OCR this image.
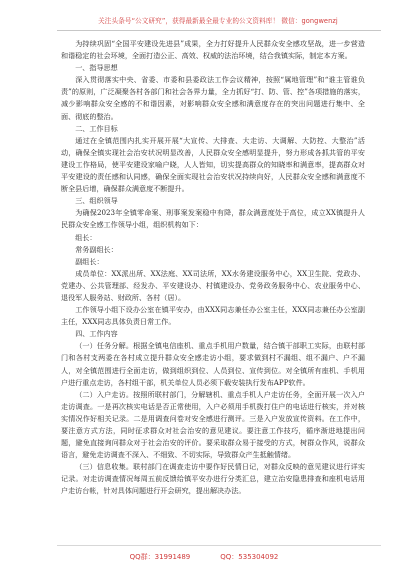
关注头条号“公文研究”，获得最新最全最专业的公文资料库！ 微信：gongwenzj

为持续巩固“全国平安建设先进县”成果，全力打好提升人民群众安全感攻坚战，进一步营造和谐稳定的社会环境，全面打造公正、高效、权威的法治环境，结合我镇实际，制定本方案。

一、指导思想

深入贯彻落实中央、省委、市委和县委政法工作会议精神，按照“属地管理”和“谁主管谁负责”的原则，广泛凝聚各村各部门和社会各界力量，全力抓好“打、防、管、控”各项措施的落实，减少影响群众安全感的不和谐因素，对影响群众安全感和满意度存在的突出问题进行集中、全面、彻底的整治。

二、工作目标

通过在全镇范围内扎实开展开展“大宣传、大排查、大走访、大调解、大防控、大整治”活动，确保全镇实现社会治安状况明显改善，人民群众安全感明显提升，努力形成各抓共管的平安建设工作格局，使平安建设家喻户晓，人人皆知，切实提高群众的知晓率和满意率，提高群众对平安建设的责任感和认同感，确保全面实现社会治安状况持续向好，人民群众安全感和满意度不断全县后增，确保群众满意度不断提升。

三、组织领导

为确保2023年全镇零命案、刑事案发案稳中有降，群众满意度处于高位，成立XX镇提升人民群众安全感工作领导小组，组织机构如下：

组长：

常务副组长：

副组长：

成员单位：XX派出所、XX法庭、XX司法所，XX水务建设服务中心，XX卫生院、党政办、党建办、公共管理部、经发办、平安建设办、村镇建设办、党务政务服务中心、农业服务中心、退役军人服务站、财政所、各村（居）。

工作领导小组下设办公室在镇平安办，由XXX同志兼任办公室主任，XXX同志兼任办公室副主任，XXX同志具体负责日常工作。

四、工作内容

（一）任务分解。根据全镇电信座机、重点手机用户数量，结合镇干部职工实际，由联村部门和各村支两委在各村成立提升群众安全感走访小组，要求做到村不漏组、组不漏户、户不漏人，对全镇范围进行全面走访，做到组织到位、人员到位、宣传到位。对全镇所有座机、手机用户进行重点走访，各村组干部，机关单位人员必须下载安装执行发布APP软件。

（二）入户走访。按照所联村部门，分解辖机、重点手机人户走访任务，全面开展一次入户走访调查。一是再次核实电话是否正常使用，入户必须用手机拨打住户的电话进行核实，并对核实情况作好相关记录。二是用调查问卷对安全感进行测评。三是入户发放宣传资料。在工作中，要注意方式方法，同时征求群众对社会治安的意见建议。要注意工作技巧，循序渐进地提出问题，避免直接询问群众对于社会治安的评价。要采取群众易于接受的方式，树群众作风，说群众语言，避免走访调查不深入、不细致、不切实际，导致群众产生抵触情绪。

（三）信息收集。联村部门在调查走访中要作好民情日记，对群众反映的意见建议进行详实记录。对走访调查情况每周五前反馈给镇平安办进行分类汇总，建立治安隐患排查和座机电话用户走访台帐，针对具体问题进行开会研究，提出解决办法。

QQ群：31991489	QQ：535304092
